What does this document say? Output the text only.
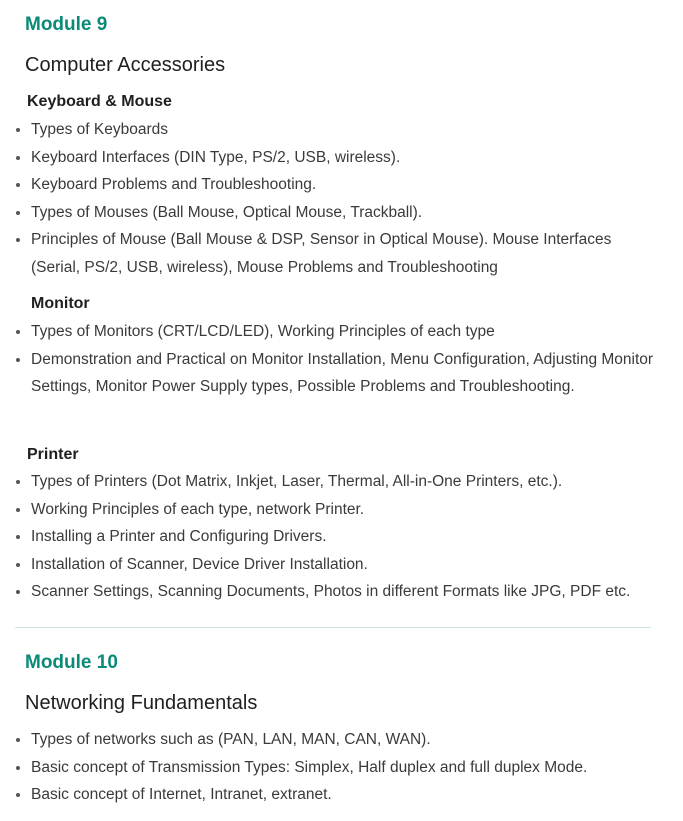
Module 9
Computer Accessories
Keyboard & Mouse
Types of Keyboards
Keyboard Interfaces (DIN Type, PS/2, USB, wireless).
Keyboard Problems and Troubleshooting.
Types of Mouses (Ball Mouse, Optical Mouse, Trackball).
Principles of Mouse (Ball Mouse & DSP, Sensor in Optical Mouse). Mouse Interfaces (Serial, PS/2, USB, wireless), Mouse Problems and Troubleshooting
Monitor
Types of Monitors (CRT/LCD/LED), Working Principles of each type
Demonstration and Practical on Monitor Installation, Menu Configuration, Adjusting Monitor Settings, Monitor Power Supply types, Possible Problems and Troubleshooting.
Printer
Types of Printers (Dot Matrix, Inkjet, Laser, Thermal, All-in-One Printers, etc.).
Working Principles of each type, network Printer.
Installing a Printer and Configuring Drivers.
Installation of Scanner, Device Driver Installation.
Scanner Settings, Scanning Documents, Photos in different Formats like JPG, PDF etc.
Module 10
Networking Fundamentals
Types of networks such as (PAN, LAN, MAN, CAN, WAN).
Basic concept of Transmission Types: Simplex, Half duplex and full duplex Mode.
Basic concept of Internet, Intranet, extranet.
